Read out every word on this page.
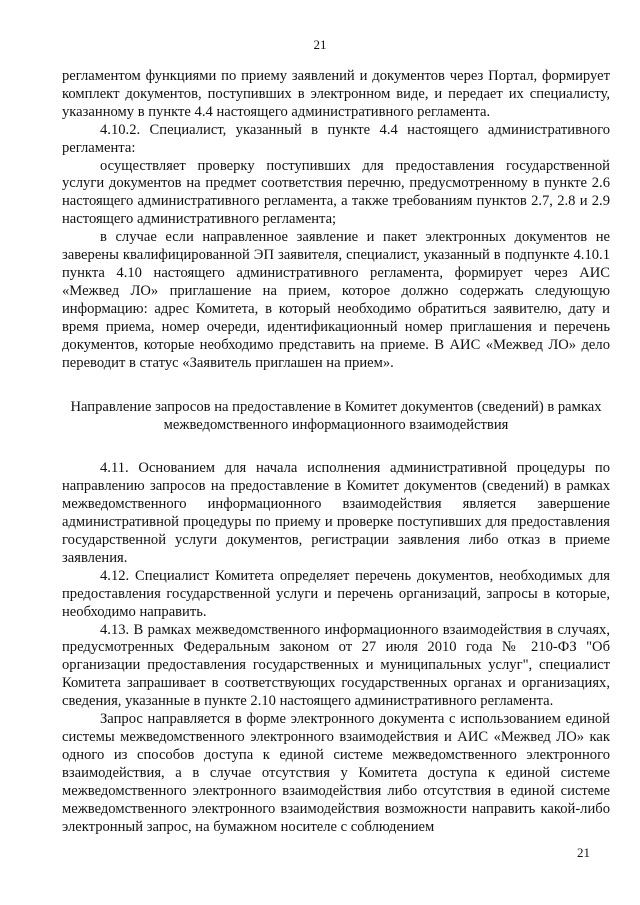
21

регламентом функциями по приему заявлений и документов через Портал, формирует комплект документов, поступивших в электронном виде, и передает их специалисту, указанному в пункте 4.4 настоящего административного регламента.

4.10.2. Специалист, указанный в пункте 4.4 настоящего административного регламента:

осуществляет проверку поступивших для предоставления государственной услуги документов на предмет соответствия перечню, предусмотренному в пункте 2.6 настоящего административного регламента, а также требованиям пунктов 2.7, 2.8 и 2.9 настоящего административного регламента;

в случае если направленное заявление и пакет электронных документов не заверены квалифицированной ЭП заявителя, специалист, указанный в подпункте 4.10.1 пункта 4.10 настоящего административного регламента, формирует через АИС «Межвед ЛО» приглашение на прием, которое должно содержать следующую информацию: адрес Комитета, в который необходимо обратиться заявителю, дату и время приема, номер очереди, идентификационный номер приглашения и перечень документов, которые необходимо представить на приеме. В АИС «Межвед ЛО» дело переводит в статус «Заявитель приглашен на прием».

Направление запросов на предоставление в Комитет документов (сведений) в рамках межведомственного информационного взаимодействия

4.11. Основанием для начала исполнения административной процедуры по направлению запросов на предоставление в Комитет документов (сведений) в рамках межведомственного информационного взаимодействия является завершение административной процедуры по приему и проверке поступивших для предоставления государственной услуги документов, регистрации заявления либо отказ в приеме заявления.

4.12. Специалист Комитета определяет перечень документов, необходимых для предоставления государственной услуги и перечень организаций, запросы в которые, необходимо направить.

4.13. В рамках межведомственного информационного взаимодействия в случаях, предусмотренных Федеральным законом от 27 июля 2010 года № 210-ФЗ "Об организации предоставления государственных и муниципальных услуг", специалист Комитета запрашивает в соответствующих государственных органах и организациях, сведения, указанные в пункте 2.10 настоящего административного регламента.

Запрос направляется в форме электронного документа с использованием единой системы межведомственного электронного взаимодействия и АИС «Межвед ЛО» как одного из способов доступа к единой системе межведомственного электронного взаимодействия, а в случае отсутствия у Комитета доступа к единой системе межведомственного электронного взаимодействия либо отсутствия в единой системе межведомственного электронного взаимодействия возможности направить какой-либо электронный запрос, на бумажном носителе с соблюдением

21
